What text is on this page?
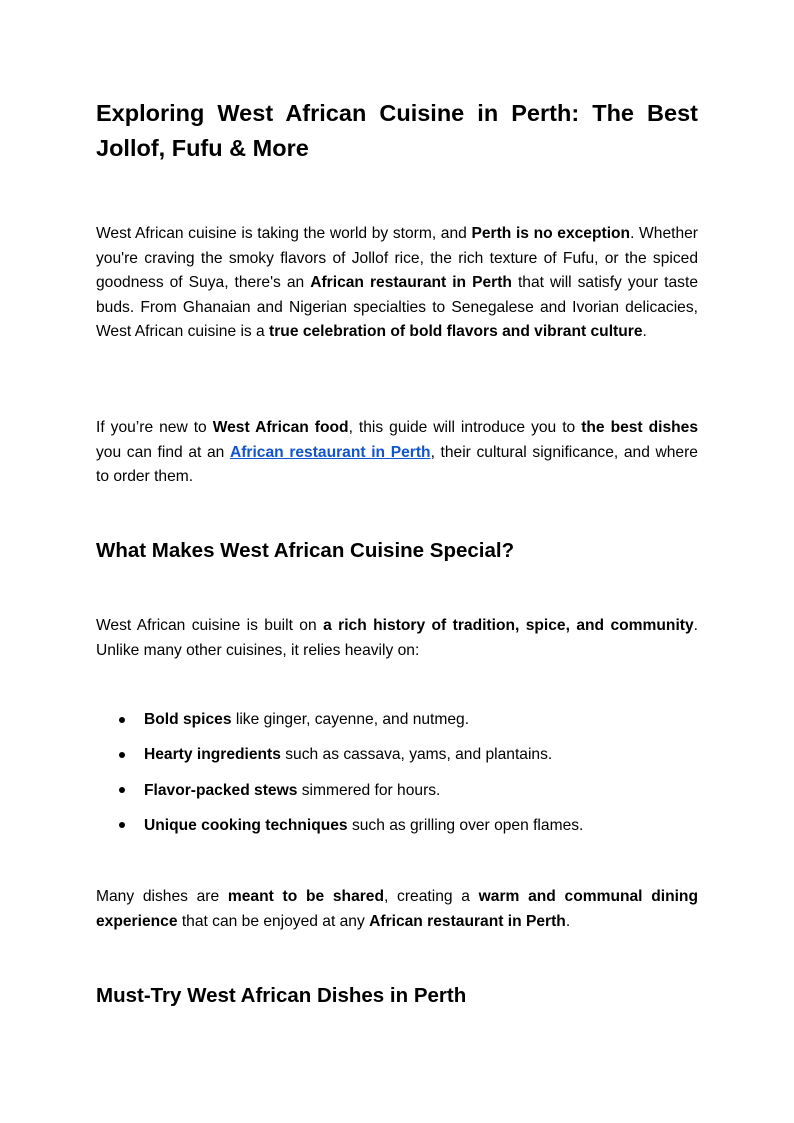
Exploring West African Cuisine in Perth: The Best Jollof, Fufu & More

West African cuisine is taking the world by storm, and Perth is no exception. Whether you're craving the smoky flavors of Jollof rice, the rich texture of Fufu, or the spiced goodness of Suya, there's an African restaurant in Perth that will satisfy your taste buds. From Ghanaian and Nigerian specialties to Senegalese and Ivorian delicacies, West African cuisine is a true celebration of bold flavors and vibrant culture.

If you’re new to West African food, this guide will introduce you to the best dishes you can find at an African restaurant in Perth, their cultural significance, and where to order them.

What Makes West African Cuisine Special?

West African cuisine is built on a rich history of tradition, spice, and community. Unlike many other cuisines, it relies heavily on:

Bold spices like ginger, cayenne, and nutmeg.
Hearty ingredients such as cassava, yams, and plantains.
Flavor-packed stews simmered for hours.
Unique cooking techniques such as grilling over open flames.

Many dishes are meant to be shared, creating a warm and communal dining experience that can be enjoyed at any African restaurant in Perth.

Must-Try West African Dishes in Perth
